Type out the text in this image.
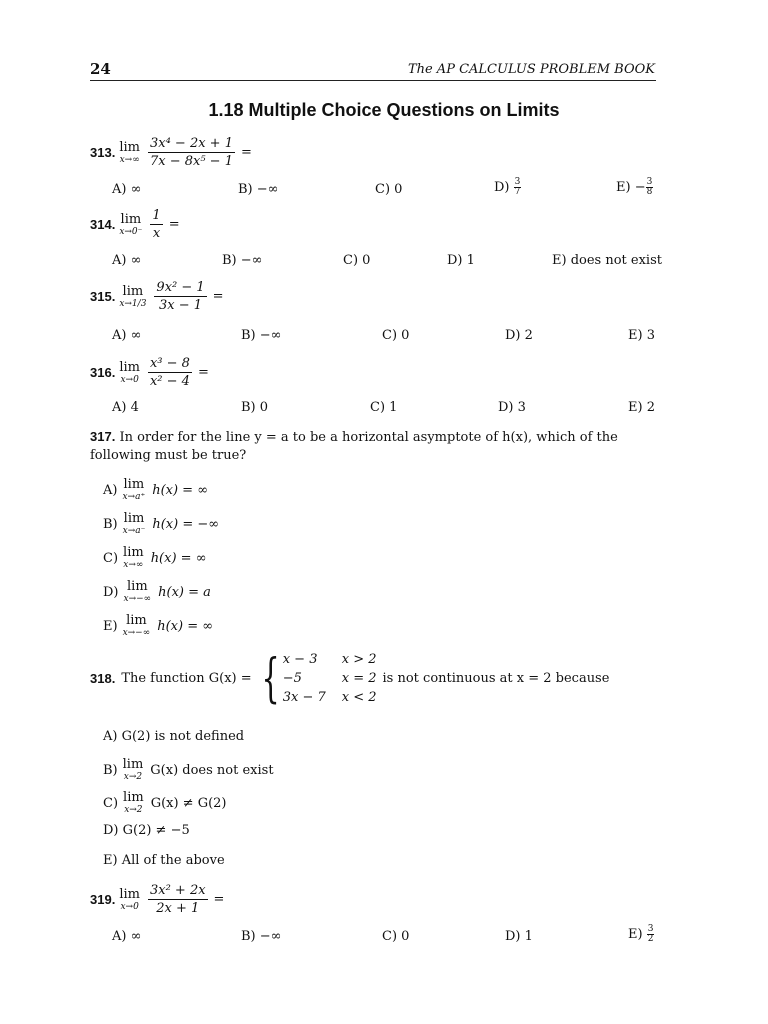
24	The AP CALCULUS PROBLEM BOOK
1.18 Multiple Choice Questions on Limits
313. lim
$x\to\infty \frac{\text{3x⁴ − 2x + 1}}{\text{7x − 8x⁵ − 1}}$ =
A) ∞	B) −∞	C) 0	$D) \frac{3}{7}$	$E) - \frac{3}{8}$
314. lim
$x\to 0^- \frac{1}{x}$ =
A) ∞	B) −∞	C) 0	D) 1	E) does not exist
315. lim
$x\to 1/3 \frac{\text{9x² − 1}}{3x - 1}$ =
A) ∞	B) −∞	C) 0	D) 2	E) 3
316. lim
$x\to 0 \frac{\text{x³ − 8}}{\text{x² − 4}}$ =
A) 4	B) 0	C) 1	D) 3	E) 2
317. In order for the line y = a to be a horizontal asymptote of h(x), which of the following must be true?
A) lim
x→a⁺ h(x) = ∞
B) lim
x→a⁻ h(x) = −∞
C) lim
x→∞ h(x) = ∞
D) lim
x→−∞ h(x) = a
E) lim
x→−∞ h(x) = ∞
318. The function G(x) = { x − 3	x > 2
−5	x = 2
3x − 7 x < 2
is not continuous at x = 2 because
A) G(2) is not defined
B) lim
x→2 G(x) does not exist
C) lim
x→2 G(x) ≠ G(2)
D) G(2) ≠ −5
E) All of the above
319. lim
$x\to 0 \frac{\text{3x² + 2x}}{2x + 1}$ =
A) ∞	B) −∞	C) 0	D) 1	$E) \frac{3}{2}$
